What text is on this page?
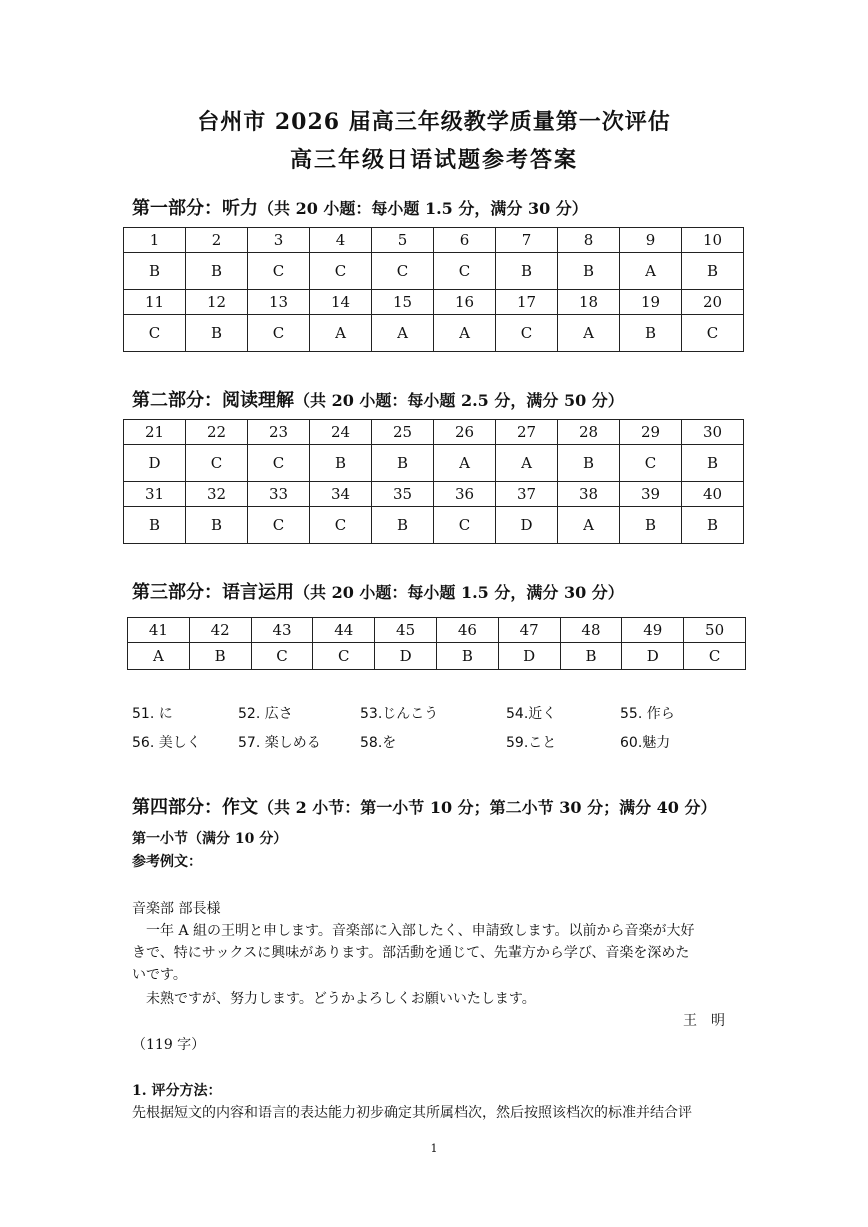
台州市 2026 届高三年级教学质量第一次评估
高三年级日语试题参考答案
第一部分：听力（共 20 小题：每小题 1.5 分，满分 30 分）
1	2	3	4	5	6	7	8	9	10
B	B	C	C	C	C	B	B	A	B
11	12	13	14	15	16	17	18	19	20
C	B	C	A	A	A	C	A	B	C
第二部分：阅读理解（共 20 小题：每小题 2.5 分，满分 50 分）
21	22	23	24	25	26	27	28	29	30
D	C	C	B	B	A	A	B	C	B
31	32	33	34	35	36	37	38	39	40
B	B	C	C	B	C	D	A	B	B
第三部分：语言运用（共 20 小题：每小题 1.5 分，满分 30 分）
41	42	43	44	45	46	47	48	49	50
A	B	C	C	D	B	D	B	D	C
51. に	52. 広さ	53.じんこう	54.近く	55. 作ら
56. 美しく	57. 楽しめる	58.を	59.こと	60.魅力
第四部分：作文（共 2 小节：第一小节 10 分；第二小节 30 分；满分 40 分）
第一小节（满分 10 分）
参考例文：
音楽部 部長様
　一年 A 組の王明と申します。音楽部に入部したく、申請致します。以前から音楽が大好
きで、特にサックスに興味があります。部活動を通じて、先輩方から学び、音楽を深めた
いです。
　未熟ですが、努力します。どうかよろしくお願いいたします。
王　明
（119 字）
1. 评分方法：
先根据短文的内容和语言的表达能力初步确定其所属档次，然后按照该档次的标准并结合评
1
